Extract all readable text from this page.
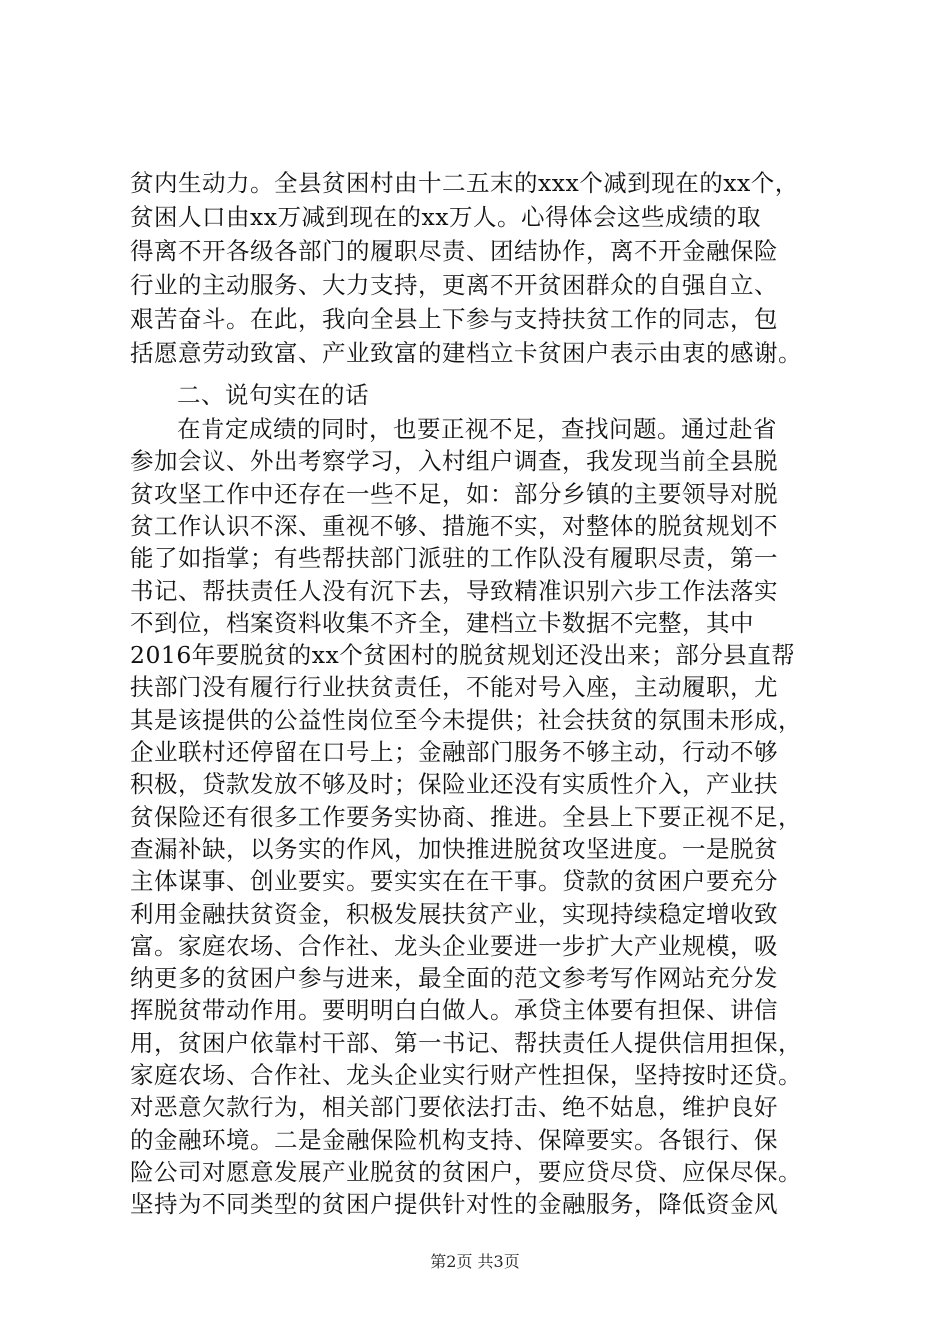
贫内生动力。全县贫困村由十二五末的xxx个减到现在的xx个，
贫困人口由xx万减到现在的xx万人。心得体会这些成绩的取
得离不开各级各部门的履职尽责、团结协作，离不开金融保险
行业的主动服务、大力支持，更离不开贫困群众的自强自立、
艰苦奋斗。在此，我向全县上下参与支持扶贫工作的同志，包
括愿意劳动致富、产业致富的建档立卡贫困户表示由衷的感谢。
二、说句实在的话
在肯定成绩的同时，也要正视不足，查找问题。通过赴省
参加会议、外出考察学习，入村组户调查，我发现当前全县脱
贫攻坚工作中还存在一些不足，如：部分乡镇的主要领导对脱
贫工作认识不深、重视不够、措施不实，对整体的脱贫规划不
能了如指掌；有些帮扶部门派驻的工作队没有履职尽责，第一
书记、帮扶责任人没有沉下去，导致精准识别六步工作法落实
不到位，档案资料收集不齐全，建档立卡数据不完整，其中
2016年要脱贫的xx个贫困村的脱贫规划还没出来；部分县直帮
扶部门没有履行行业扶贫责任，不能对号入座，主动履职，尤
其是该提供的公益性岗位至今未提供；社会扶贫的氛围未形成，
企业联村还停留在口号上；金融部门服务不够主动，行动不够
积极，贷款发放不够及时；保险业还没有实质性介入，产业扶
贫保险还有很多工作要务实协商、推进。全县上下要正视不足，
查漏补缺，以务实的作风，加快推进脱贫攻坚进度。一是脱贫
主体谋事、创业要实。要实实在在干事。贷款的贫困户要充分
利用金融扶贫资金，积极发展扶贫产业，实现持续稳定增收致
富。家庭农场、合作社、龙头企业要进一步扩大产业规模，吸
纳更多的贫困户参与进来，最全面的范文参考写作网站充分发
挥脱贫带动作用。要明明白白做人。承贷主体要有担保、讲信
用，贫困户依靠村干部、第一书记、帮扶责任人提供信用担保，
家庭农场、合作社、龙头企业实行财产性担保，坚持按时还贷。
对恶意欠款行为，相关部门要依法打击、绝不姑息，维护良好
的金融环境。二是金融保险机构支持、保障要实。各银行、保
险公司对愿意发展产业脱贫的贫困户，要应贷尽贷、应保尽保。
第2页 共3页
坚持为不同类型的贫困户提供针对性的金融服务，降低资金风
